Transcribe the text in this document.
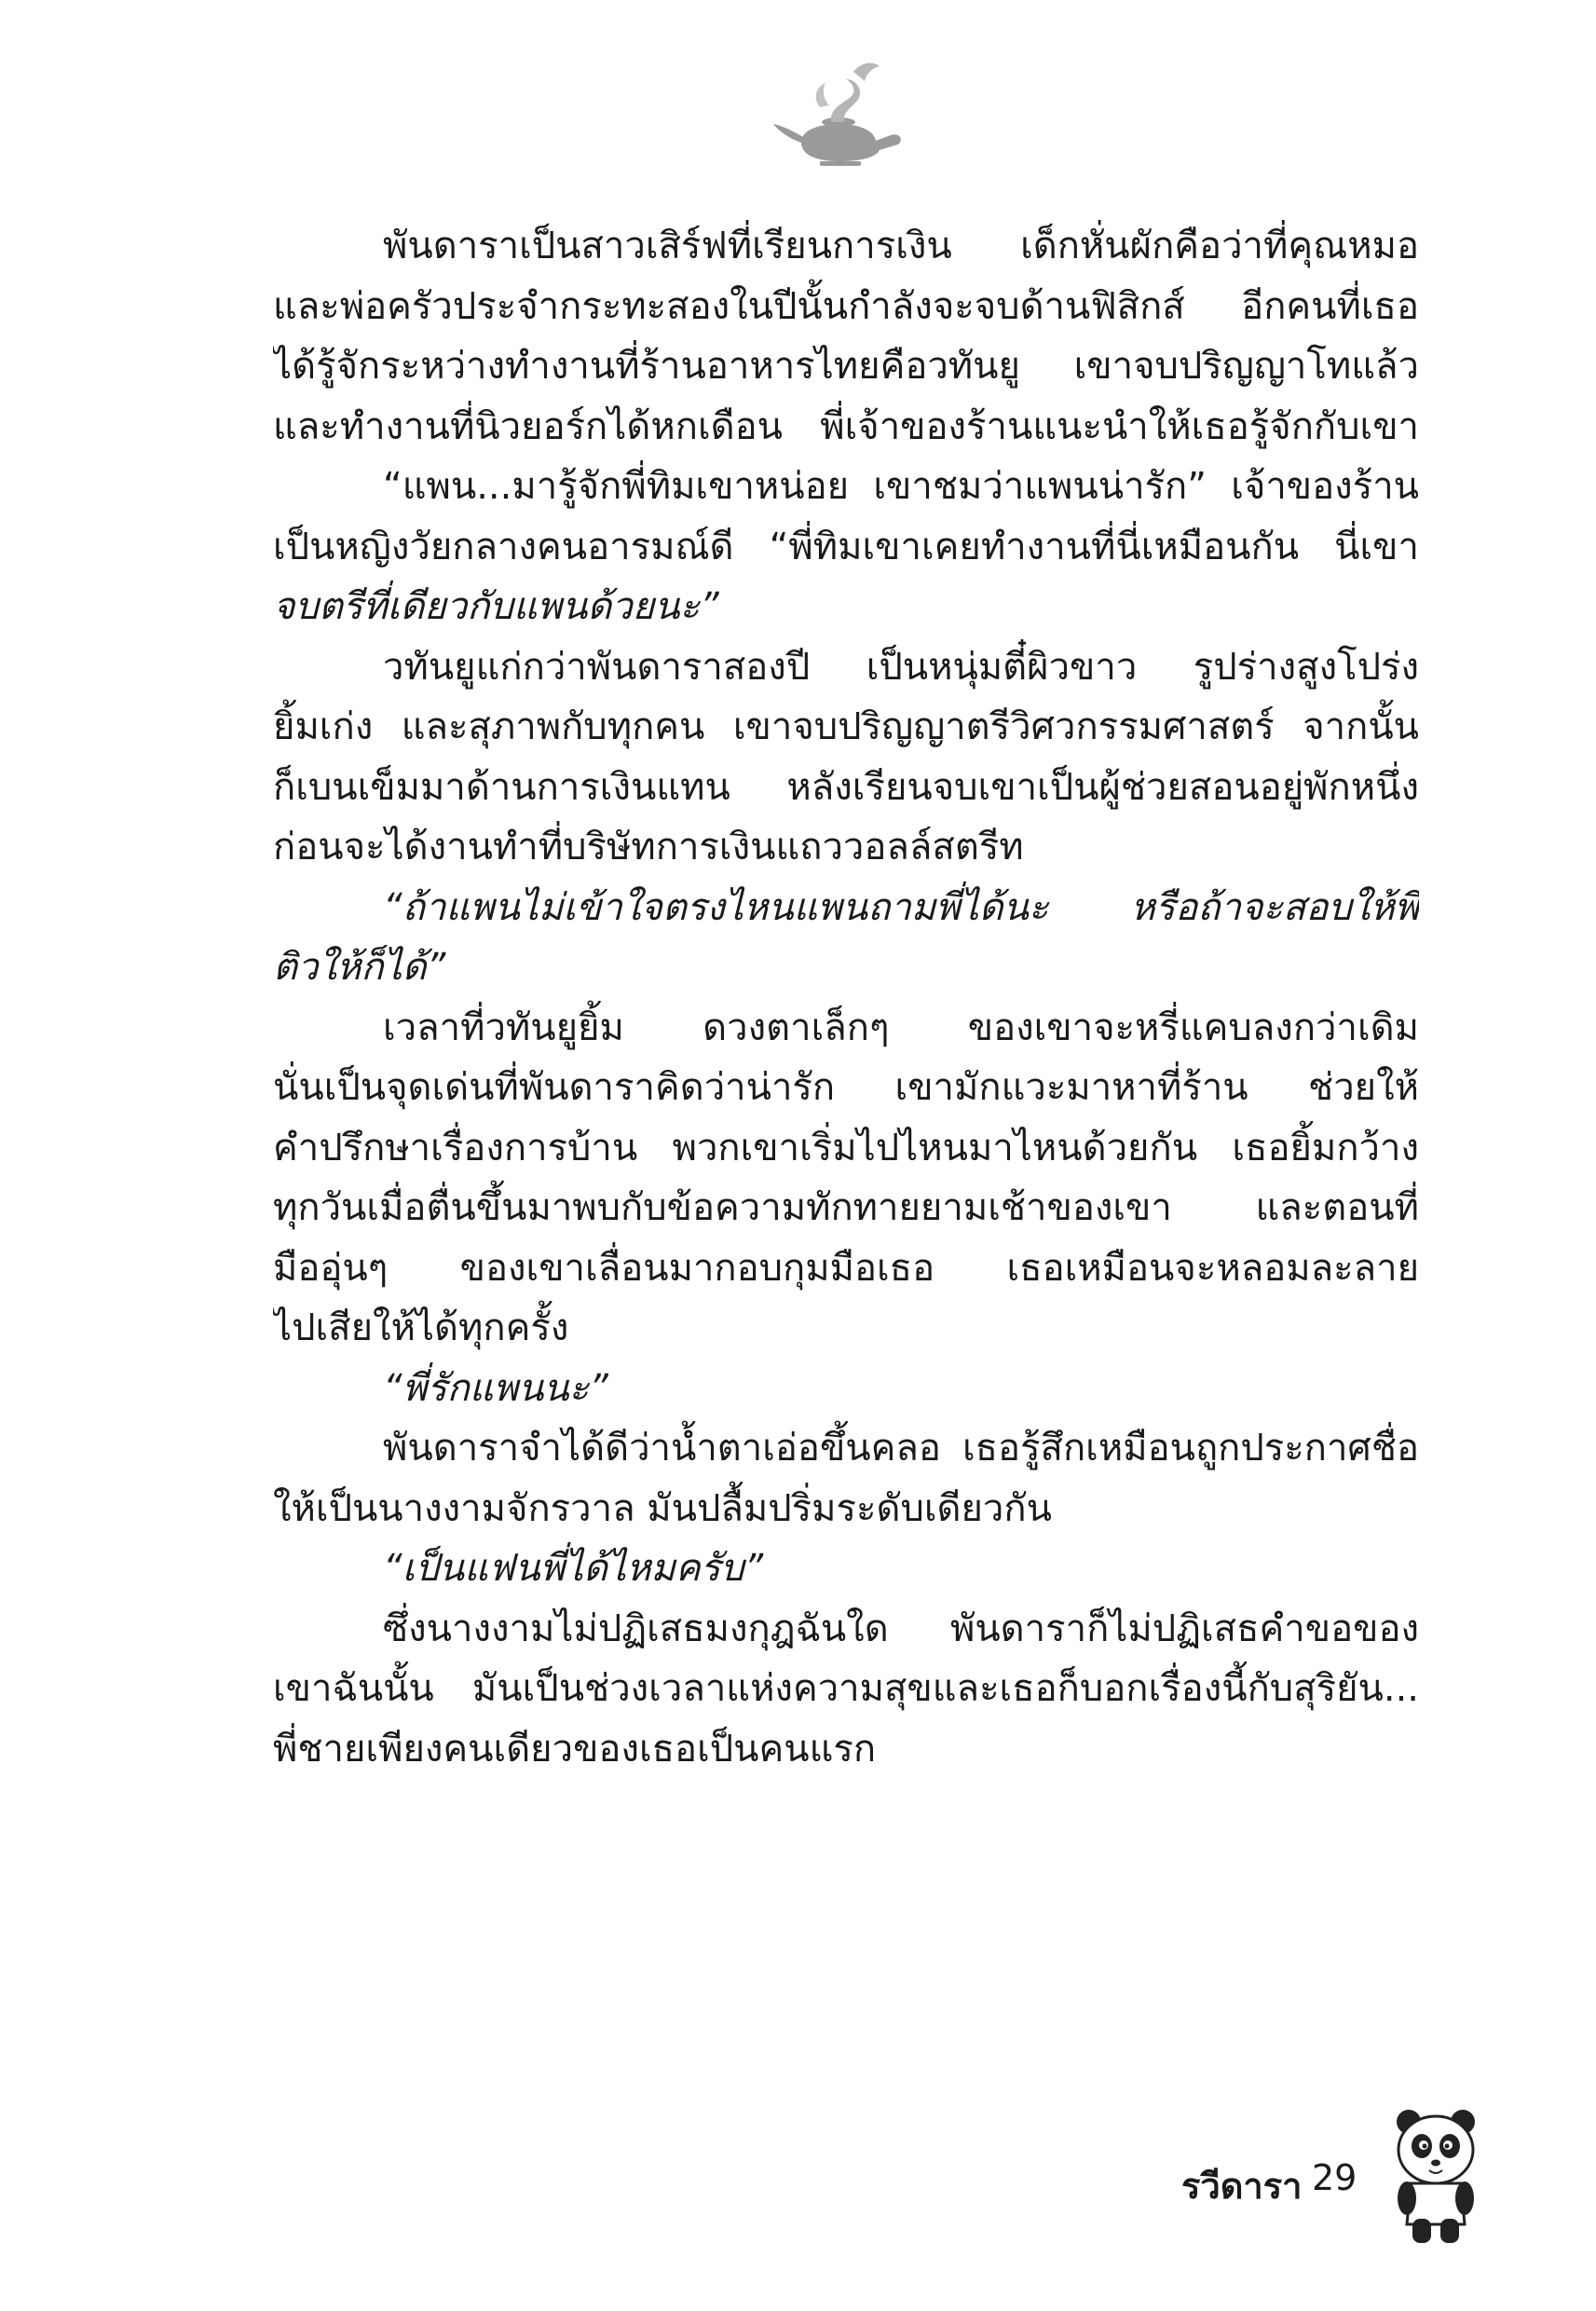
พันดาราเป็นสาวเสิร์ฟที่เรียนการเงิน เด็กหั่นผักคือว่าที่คุณหมอ
และพ่อครัวประจำกระทะสองในปีนั้นกำลังจะจบด้านฟิสิกส์ อีกคนที่เธอ
ได้รู้จักระหว่างทำงานที่ร้านอาหารไทยคือวทันยู เขาจบปริญญาโทแล้ว
และทำงานที่นิวยอร์กได้หกเดือน พี่เจ้าของร้านแนะนำให้เธอรู้จักกับเขา
“แพน...มารู้จักพี่ทิมเขาหน่อย เขาชมว่าแพนน่ารัก” เจ้าของร้าน
เป็นหญิงวัยกลางคนอารมณ์ดี “พี่ทิมเขาเคยทำงานที่นี่เหมือนกัน นี่เขา
จบตรีที่เดียวกับแพนด้วยนะ”
วทันยูแก่กว่าพันดาราสองปี เป็นหนุ่มตี๋ผิวขาว รูปร่างสูงโปร่ง
ยิ้มเก่ง และสุภาพกับทุกคน เขาจบปริญญาตรีวิศวกรรมศาสตร์ จากนั้น
ก็เบนเข็มมาด้านการเงินแทน หลังเรียนจบเขาเป็นผู้ช่วยสอนอยู่พักหนึ่ง
ก่อนจะได้งานทำที่บริษัทการเงินแถววอลล์สตรีท
“ถ้าแพนไม่เข้าใจตรงไหนแพนถามพี่ได้นะ หรือถ้าจะสอบให้พี่
ติวให้ก็ได้”
เวลาที่วทันยูยิ้ม ดวงตาเล็กๆ ของเขาจะหรี่แคบลงกว่าเดิม
นั่นเป็นจุดเด่นที่พันดาราคิดว่าน่ารัก เขามักแวะมาหาที่ร้าน ช่วยให้
คำปรึกษาเรื่องการบ้าน พวกเขาเริ่มไปไหนมาไหนด้วยกัน เธอยิ้มกว้าง
ทุกวันเมื่อตื่นขึ้นมาพบกับข้อความทักทายยามเช้าของเขา และตอนที่
มืออุ่นๆ ของเขาเลื่อนมากอบกุมมือเธอ เธอเหมือนจะหลอมละลาย
ไปเสียให้ได้ทุกครั้ง
“พี่รักแพนนะ”
พันดาราจำได้ดีว่าน้ำตาเอ่อขึ้นคลอ เธอรู้สึกเหมือนถูกประกาศชื่อ
ให้เป็นนางงามจักรวาล มันปลื้มปริ่มระดับเดียวกัน
“เป็นแฟนพี่ได้ไหมครับ”
ซึ่งนางงามไม่ปฏิเสธมงกุฎฉันใด พันดาราก็ไม่ปฏิเสธคำขอของ
เขาฉันนั้น มันเป็นช่วงเวลาแห่งความสุขและเธอก็บอกเรื่องนี้กับสุริยัน...
พี่ชายเพียงคนเดียวของเธอเป็นคนแรก
รวีดารา 29
